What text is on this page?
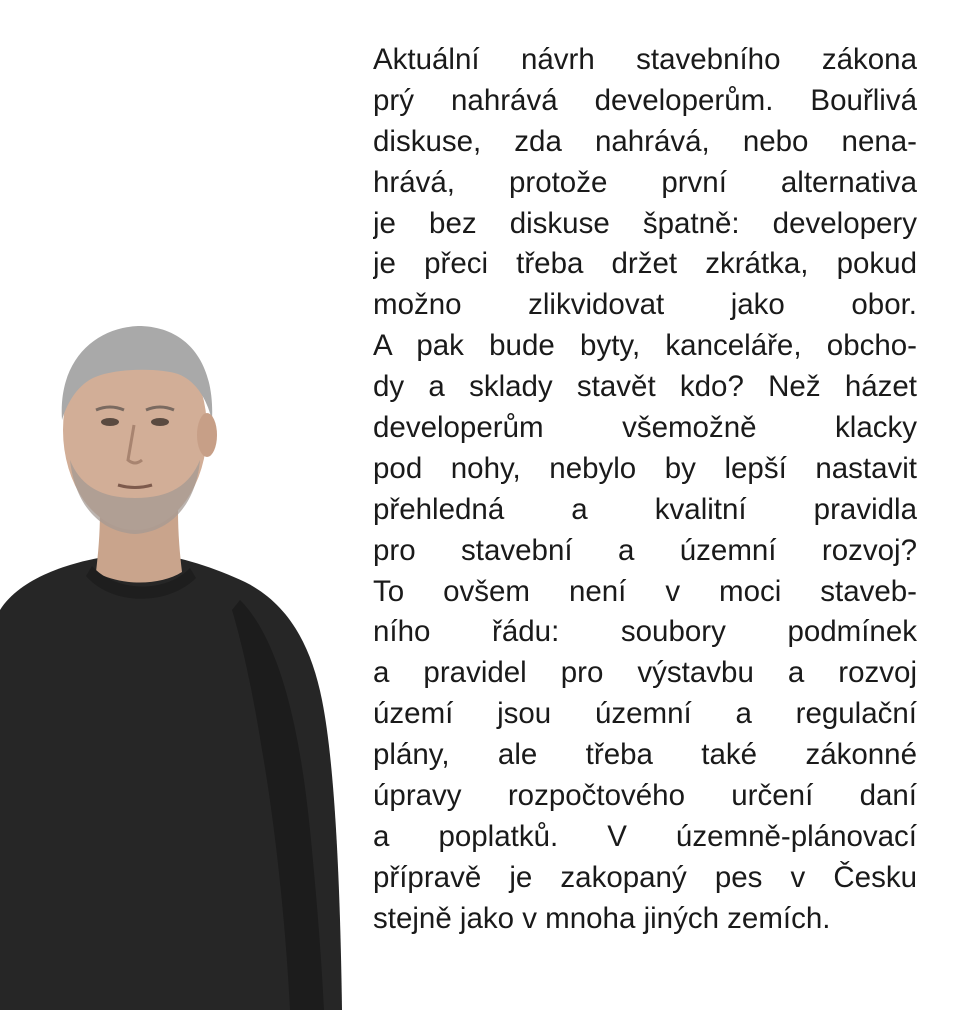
Aktuální návrh stavebního zákona
prý nahrává developerům. Bouřlivá
diskuse, zda nahrává, nebo nena-
hrává, protože první alternativa
je bez diskuse špatně: developery
je přeci třeba držet zkrátka, pokud
možno zlikvidovat jako obor.
A pak bude byty, kanceláře, obcho-
dy a sklady stavět kdo? Než házet
developerům všemožně klacky
pod nohy, nebylo by lepší nastavit
přehledná a kvalitní pravidla
pro stavební a územní rozvoj?
To ovšem není v moci staveb-
ního řádu: soubory podmínek
a pravidel pro výstavbu a rozvoj
území jsou územní a regulační
plány, ale třeba také zákonné
úpravy rozpočtového určení daní
a poplatků. V územně-plánovací
přípravě je zakopaný pes v Česku
stejně jako v mnoha jiných zemích.
